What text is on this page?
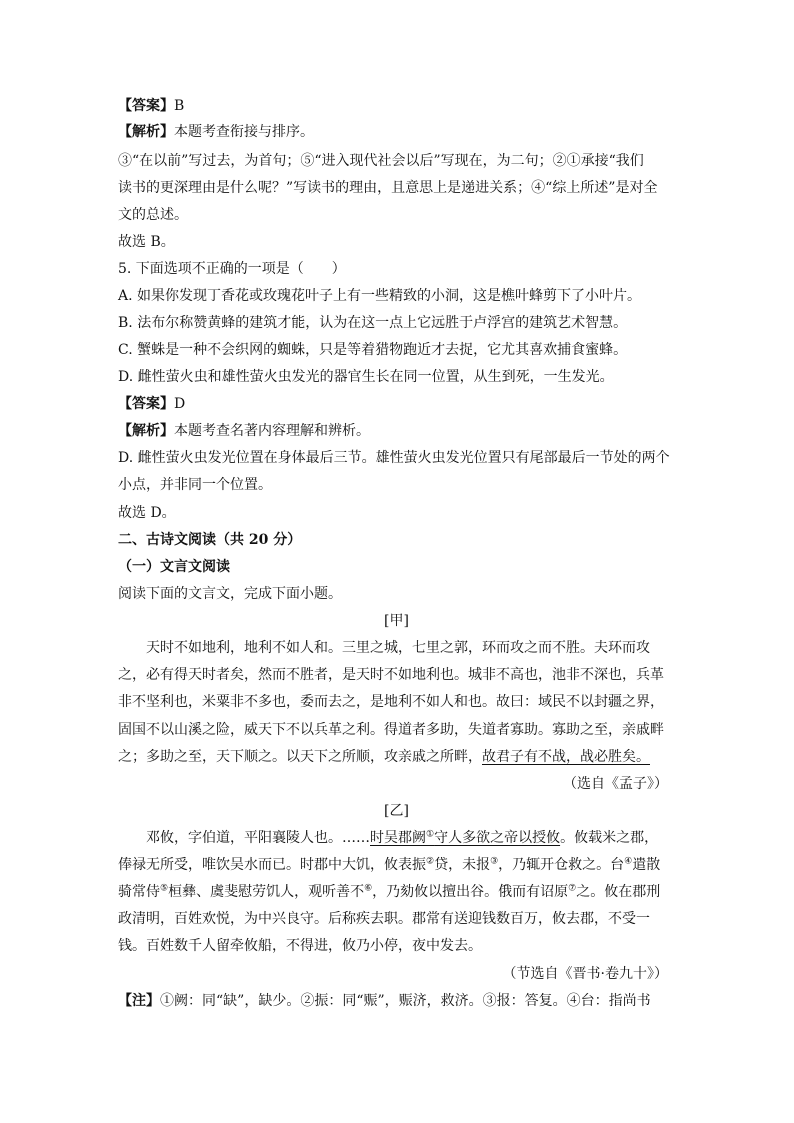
【答案】B
【解析】本题考查衔接与排序。
③“在以前”写过去，为首句；⑤“进入现代社会以后”写现在，为二句；②①承接“我们
读书的更深理由是什么呢？”写读书的理由，且意思上是递进关系；④“综上所述”是对全
文的总述。
故选 B。
5. 下面选项不正确的一项是（　　）
A. 如果你发现丁香花或玫瑰花叶子上有一些精致的小洞，这是樵叶蜂剪下了小叶片。
B. 法布尔称赞黄蜂的建筑才能，认为在这一点上它远胜于卢浮宫的建筑艺术智慧。
C. 蟹蛛是一种不会织网的蜘蛛，只是等着猎物跑近才去捉，它尤其喜欢捕食蜜蜂。
D. 雌性萤火虫和雄性萤火虫发光的器官生长在同一位置，从生到死，一生发光。
【答案】D
【解析】本题考查名著内容理解和辨析。
D. 雌性萤火虫发光位置在身体最后三节。雄性萤火虫发光位置只有尾部最后一节处的两个
小点，并非同一个位置。
故选 D。
二、古诗文阅读（共 20 分）
（一）文言文阅读
阅读下面的文言文，完成下面小题。
[甲]
天时不如地利，地利不如人和。三里之城，七里之郭，环而攻之而不胜。夫环而攻
之，必有得天时者矣，然而不胜者，是天时不如地利也。城非不高也，池非不深也，兵革
非不坚利也，米粟非不多也，委而去之，是地利不如人和也。故曰：域民不以封疆之界，
固国不以山溪之险，威天下不以兵革之利。得道者多助，失道者寡助。寡助之至，亲戚畔
之；多助之至，天下顺之。以天下之所顺，攻亲戚之所畔，故君子有不战，战必胜矣。
（选自《孟子》）
[乙]
邓攸，字伯道，平阳襄陵人也。……时吴郡阙①守人多欲之帝以授攸。攸载米之郡，
俸禄无所受，唯饮吴水而已。时郡中大饥，攸表振②贷，未报③，乃辄开仓救之。台④遣散
骑常侍⑤桓彝、虞斐慰劳饥人，观听善不⑥，乃劾攸以擅出谷。俄而有诏原⑦之。攸在郡刑
政清明，百姓欢悦，为中兴良守。后称疾去职。郡常有送迎钱数百万，攸去郡，不受一
钱。百姓数千人留牵攸船，不得进，攸乃小停，夜中发去。
（节选自《晋书·卷九十》）
【注】①阙：同“缺”，缺少。②振：同“赈”，赈济，救济。③报：答复。④台：指尚书
